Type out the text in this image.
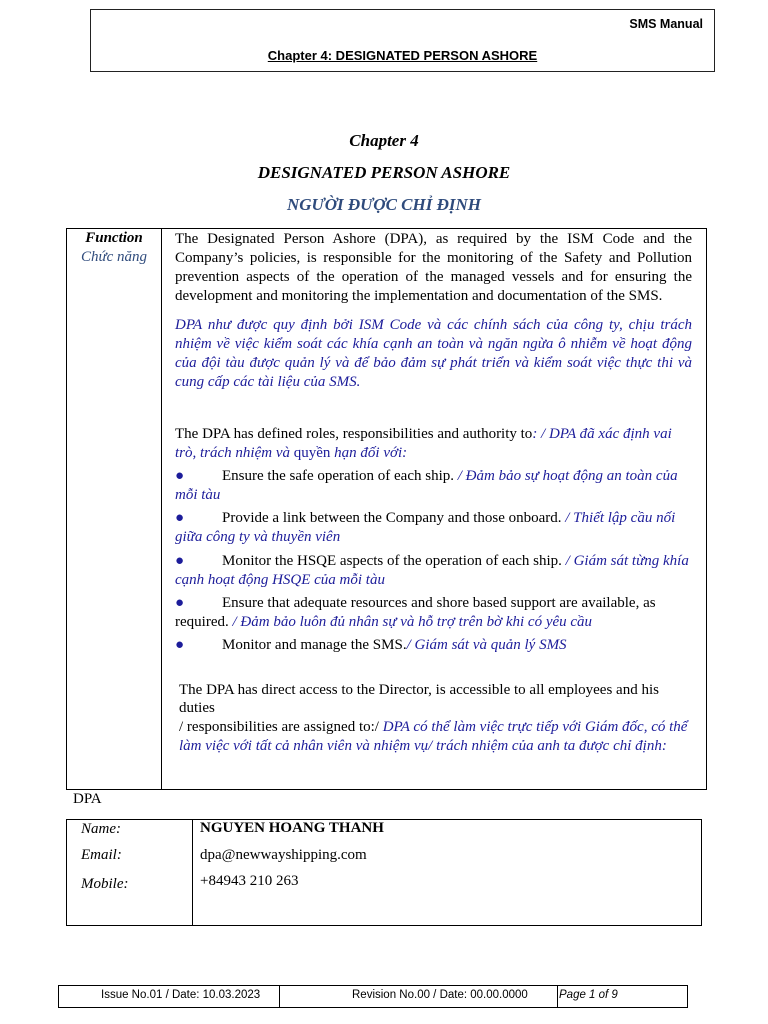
SMS Manual
Chapter 4: DESIGNATED PERSON ASHORE
Chapter 4
DESIGNATED PERSON ASHORE
NGƯỜI ĐƯỢC CHỈ ĐỊNH
Function
Chức năng
The Designated Person Ashore (DPA), as required by the ISM Code and the Company’s policies, is responsible for the monitoring of the Safety and Pollution prevention aspects of the operation of the managed vessels and for ensuring the development and monitoring the implementation and documentation of the SMS.
DPA như được quy định bởi ISM Code và các chính sách của công ty, chịu trách nhiệm về việc kiểm soát các khía cạnh an toàn và ngăn ngừa ô nhiễm về hoạt động của đội tàu được quản lý và để bảo đảm sự phát triển và kiểm soát việc thực thi và cung cấp các tài liệu của SMS.
The DPA has defined roles, responsibilities and authority to: / DPA đã xác định vai trò, trách nhiệm và quyền hạn đối với:
●	Ensure the safe operation of each ship. / Đảm bảo sự hoạt động an toàn của mỗi tàu
●	Provide a link between the Company and those onboard. / Thiết lập cầu nối giữa công ty và thuyền viên
●	Monitor the HSQE aspects of the operation of each ship. / Giám sát từng khía cạnh hoạt động HSQE của mỗi tàu
●	Ensure that adequate resources and shore based support are available, as required. / Đảm bảo luôn đủ nhân sự và hỗ trợ trên bờ khi có yêu cầu
●	Monitor and manage the SMS./ Giám sát và quản lý SMS
The DPA has direct access to the Director, is accessible to all employees and his duties
/ responsibilities are assigned to:/ DPA có thể làm việc trực tiếp với Giám đốc, có thể làm việc với tất cả nhân viên và nhiệm vụ/ trách nhiệm của anh ta được chỉ định:
DPA
Name:	NGUYEN HOANG THANH
Email:	dpa@newwayshipping.com
Mobile:	+84943 210 263
Issue No.01 / Date: 10.03.2023	Revision No.00 / Date: 00.00.0000	Page 1 of 9
